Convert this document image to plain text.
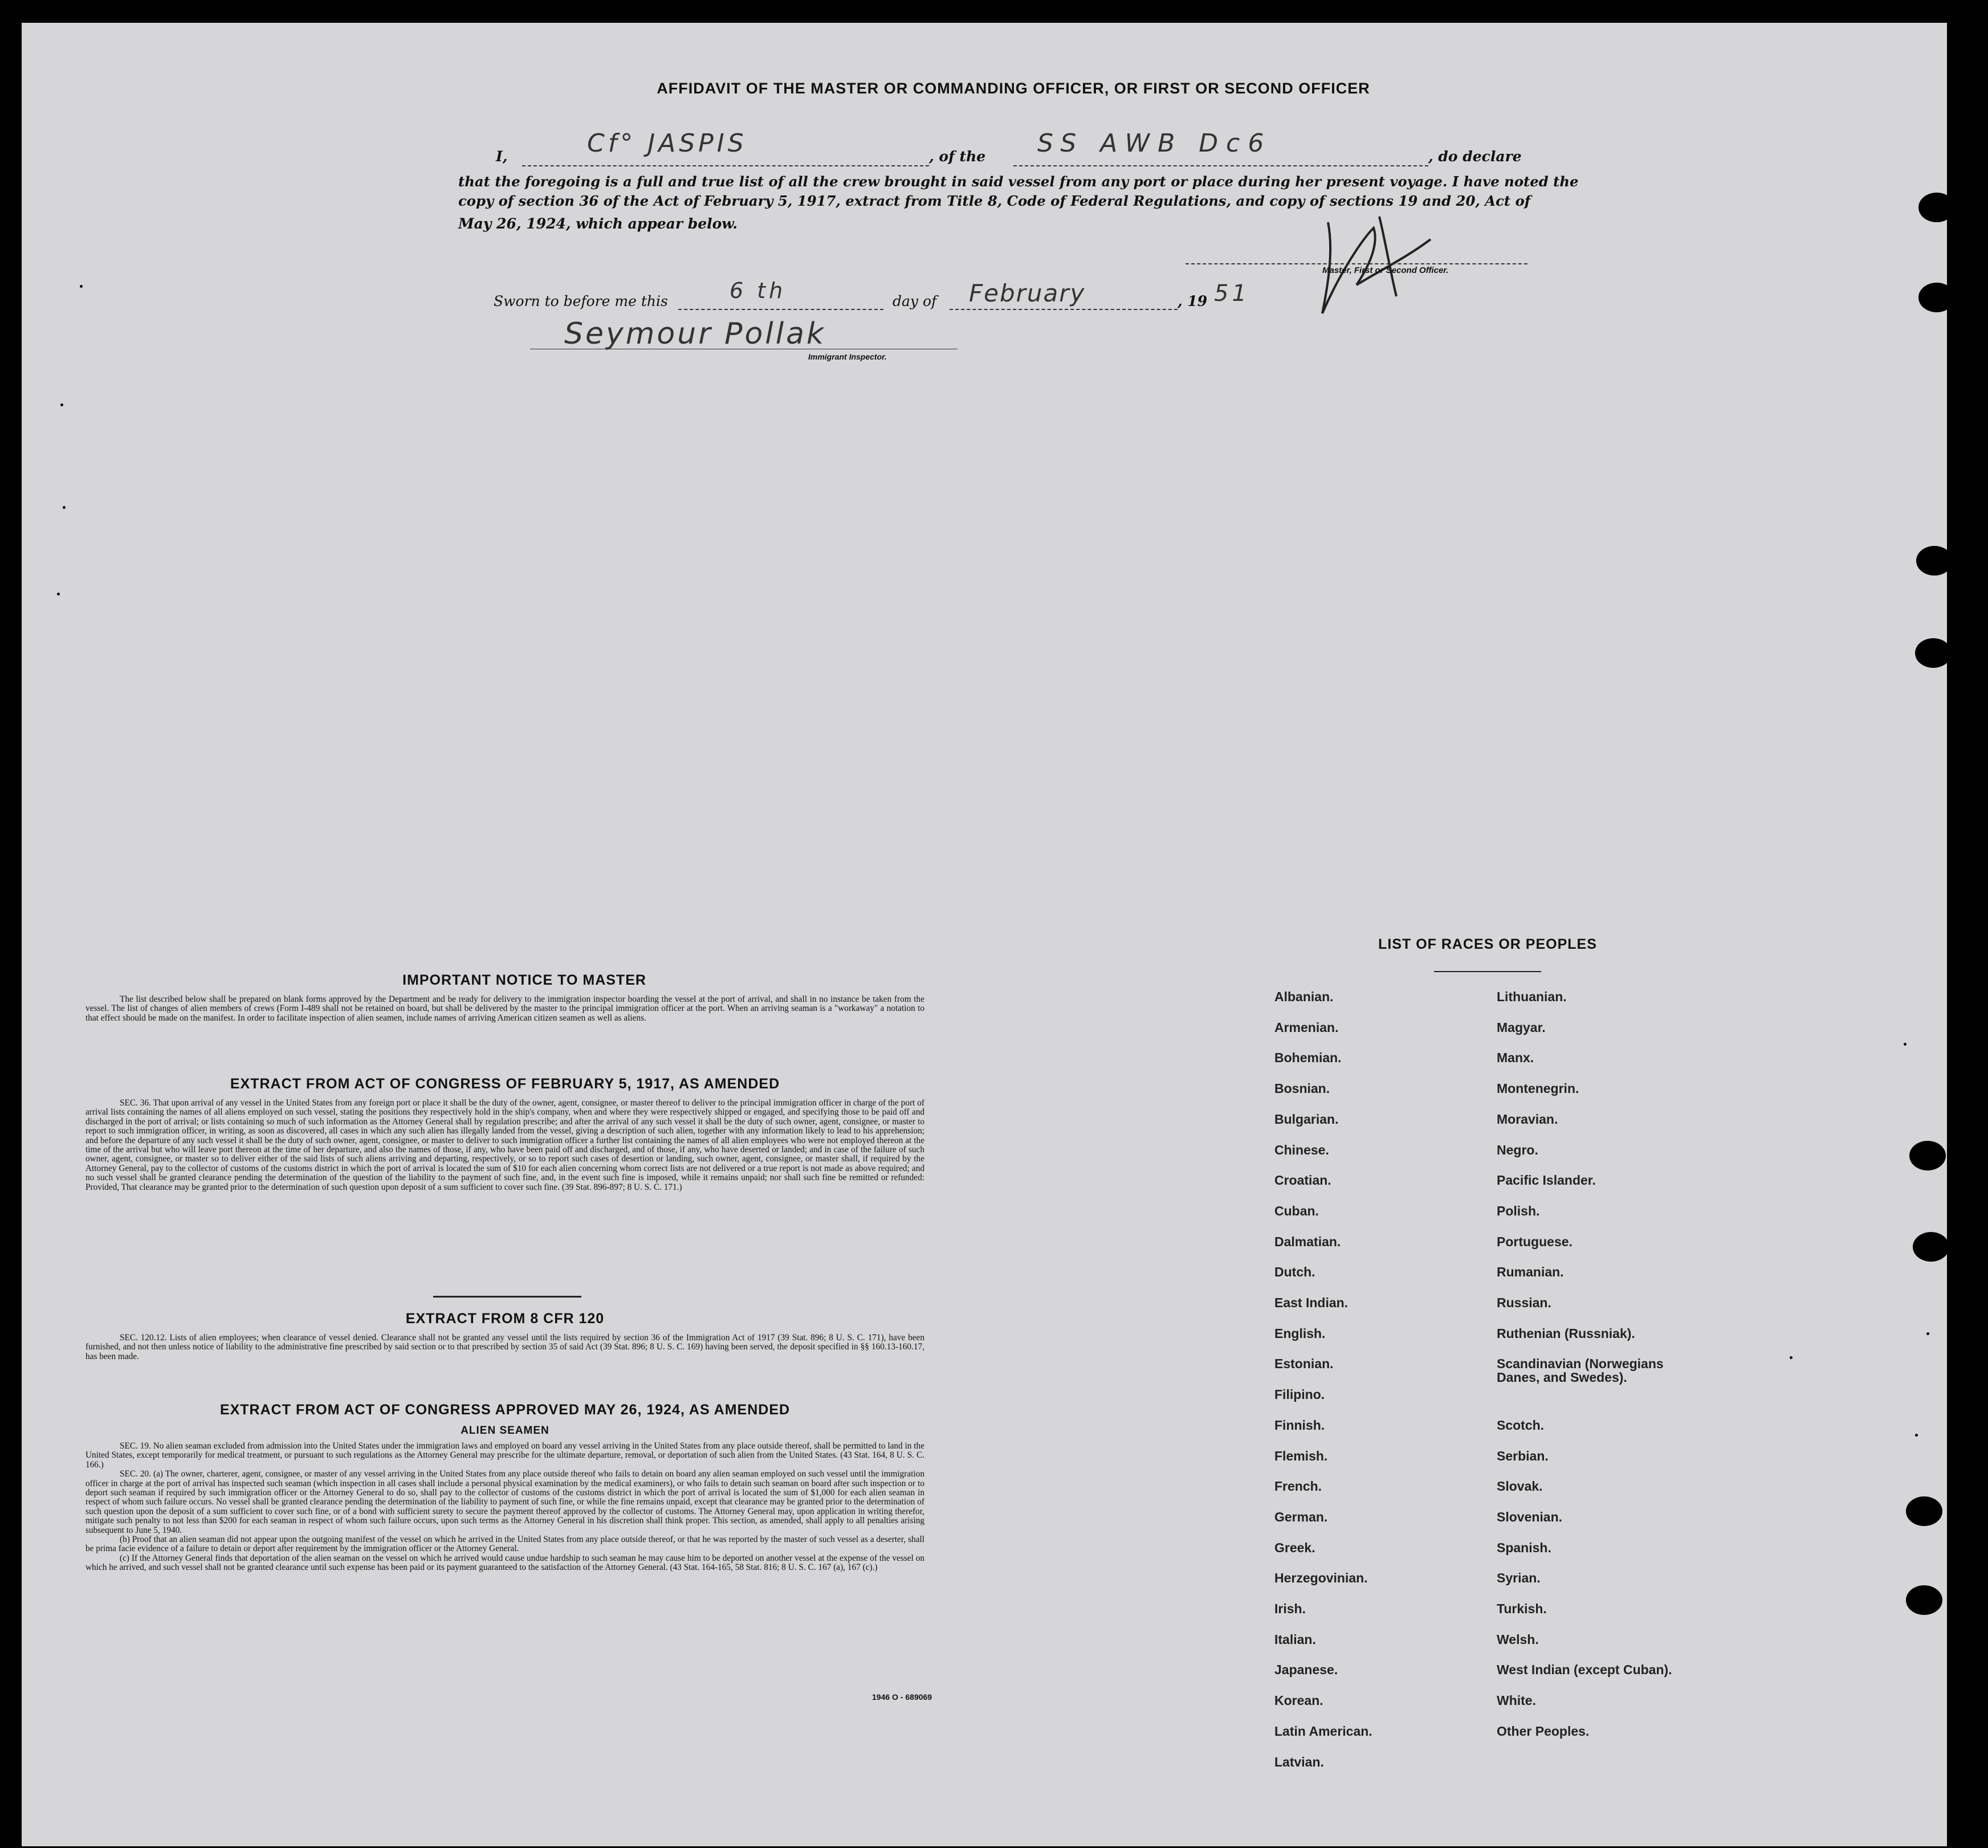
AFFIDAVIT OF THE MASTER OR COMMANDING OFFICER, OR FIRST OR SECOND OFFICER
I,	Cf° JASPIS	, of the SS AWB Dc6	, do declare
that the foregoing is a full and true list of all the crew brought in said vessel from any port or place during her present voyage. I have noted the
copy of section 36 of the Act of February 5, 1917, extract from Title 8, Code of Federal Regulations, and copy of sections 19 and 20, Act of
May 26, 1924, which appear below.
Master, First or Second Officer.
Sworn to before me this	6 th	day of February	, 19 51
Seymour Pollak
Immigrant Inspector.
IMPORTANT NOTICE TO MASTER

The list described below shall be prepared on blank forms approved by the Department and be ready for delivery to the immigration inspector boarding the vessel at the port of arrival, and shall in no instance be taken from the vessel. The list of changes of alien members of crews (Form I-489 shall not be retained on board, but shall be delivered by the master to the principal immigration officer at the port. When an arriving seaman is a "workaway" a notation to that effect should be made on the manifest. In order to facilitate inspection of alien seamen, include names of arriving American citizen seamen as well as aliens.

EXTRACT FROM ACT OF CONGRESS OF FEBRUARY 5, 1917, AS AMENDED

SEC. 36. That upon arrival of any vessel in the United States from any foreign port or place it shall be the duty of the owner, agent, consignee, or master thereof to deliver to the principal immigration officer in charge of the port of arrival lists containing the names of all aliens employed on such vessel, stating the positions they respectively hold in the ship's company, when and where they were respectively shipped or engaged, and specifying those to be paid off and discharged in the port of arrival; or lists containing so much of such information as the Attorney General shall by regulation prescribe; and after the arrival of any such vessel it shall be the duty of such owner, agent, consignee, or master to report to such immigration officer, in writing, as soon as discovered, all cases in which any such alien has illegally landed from the vessel, giving a description of such alien, together with any information likely to lead to his apprehension; and before the departure of any such vessel it shall be the duty of such owner, agent, consignee, or master to deliver to such immigration officer a further list containing the names of all alien employees who were not employed thereon at the time of the arrival but who will leave port thereon at the time of her departure, and also the names of those, if any, who have been paid off and discharged, and of those, if any, who have deserted or landed; and in case of the failure of such owner, agent, consignee, or master so to deliver either of the said lists of such aliens arriving and departing, respectively, or so to report such cases of desertion or landing, such owner, agent, consignee, or master shall, if required by the Attorney General, pay to the collector of customs of the customs district in which the port of arrival is located the sum of $10 for each alien concerning whom correct lists are not delivered or a true report is not made as above required; and no such vessel shall be granted clearance pending the determination of the question of the liability to the payment of such fine, and, in the event such fine is imposed, while it remains unpaid; nor shall such fine be remitted or refunded: Provided, That clearance may be granted prior to the determination of such question upon deposit of a sum sufficient to cover such fine. (39 Stat. 896-897; 8 U. S. C. 171.)

EXTRACT FROM 8 CFR 120

SEC. 120.12. Lists of alien employees; when clearance of vessel denied. Clearance shall not be granted any vessel until the lists required by section 36 of the Immigration Act of 1917 (39 Stat. 896; 8 U. S. C. 171), have been furnished, and not then unless notice of liability to the administrative fine prescribed by said section or to that prescribed by section 35 of said Act (39 Stat. 896; 8 U. S. C. 169) having been served, the deposit specified in §§ 160.13-160.17, has been made.

EXTRACT FROM ACT OF CONGRESS APPROVED MAY 26, 1924, AS AMENDED
ALIEN SEAMEN

SEC. 19. No alien seaman excluded from admission into the United States under the immigration laws and employed on board any vessel arriving in the United States from any place outside thereof, shall be permitted to land in the United States, except temporarily for medical treatment, or pursuant to such regulations as the Attorney General may prescribe for the ultimate departure, removal, or deportation of such alien from the United States. (43 Stat. 164, 8 U. S. C. 166.)

SEC. 20. (a) The owner, charterer, agent, consignee, or master of any vessel arriving in the United States from any place outside thereof who fails to detain on board any alien seaman employed on such vessel until the immigration officer in charge at the port of arrival has inspected such seaman (which inspection in all cases shall include a personal physical examination by the medical examiners), or who fails to detain such seaman on board after such inspection or to deport such seaman if required by such immigration officer or the Attorney General to do so, shall pay to the collector of customs of the customs district in which the port of arrival is located the sum of $1,000 for each alien seaman in respect of whom such failure occurs. No vessel shall be granted clearance pending the determination of the liability to payment of such fine, or while the fine remains unpaid, except that clearance may be granted prior to the determination of such question upon the deposit of a sum sufficient to cover such fine, or of a bond with sufficient surety to secure the payment thereof approved by the collector of customs. The Attorney General may, upon application in writing therefor, mitigate such penalty to not less than $200 for each seaman in respect of whom such failure occurs, upon such terms as the Attorney General in his discretion shall think proper. This section, as amended, shall apply to all penalties arising subsequent to June 5, 1940.

(b) Proof that an alien seaman did not appear upon the outgoing manifest of the vessel on which he arrived in the United States from any place outside thereof, or that he was reported by the master of such vessel as a deserter, shall be prima facie evidence of a failure to detain or deport after requirement by the immigration officer or the Attorney General.

(c) If the Attorney General finds that deportation of the alien seaman on the vessel on which he arrived would cause undue hardship to such seaman he may cause him to be deported on another vessel at the expense of the vessel on which he arrived, and such vessel shall not be granted clearance until such expense has been paid or its payment guaranteed to the satisfaction of the Attorney General. (43 Stat. 164-165, 58 Stat. 816; 8 U. S. C. 167 (a), 167 (c).)

1946 O - 689069
LIST OF RACES OR PEOPLES
Albanian.
Armenian.
Bohemian.
Bosnian.
Bulgarian.
Chinese.
Croatian.
Cuban.
Dalmatian.
Dutch.
East Indian.
English.
Estonian.
Filipino.
Finnish.
Flemish.
French.
German.
Greek.
Herzegovinian.
Irish.
Italian.
Japanese.
Korean.
Latin American.
Latvian.
Lithuanian.
Magyar.
Manx.
Montenegrin.
Moravian.
Negro.
Pacific Islander.
Polish.
Portuguese.
Rumanian.
Russian.
Ruthenian (Russniak).
Scandinavian (Norwegians
Danes, and Swedes).
Scotch.
Serbian.
Slovak.
Slovenian.
Spanish.
Syrian.
Turkish.
Welsh.
West Indian (except Cuban).
White.
Other Peoples.
